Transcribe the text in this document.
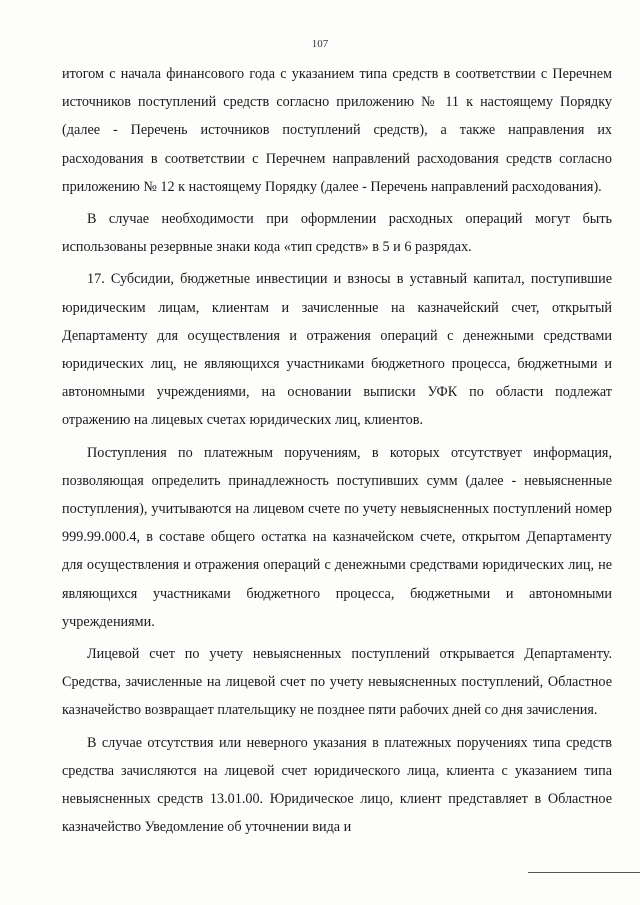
107

итогом с начала финансового года с указанием типа средств в соответствии с Перечнем источников поступлений средств согласно приложению № 11 к настоящему Порядку (далее - Перечень источников поступлений средств), а также направления их расходования в соответствии с Перечнем направлений расходования средств согласно приложению № 12 к настоящему Порядку (далее - Перечень направлений расходования).

В случае необходимости при оформлении расходных операций могут быть использованы резервные знаки кода «тип средств» в 5 и 6 разрядах.

17. Субсидии, бюджетные инвестиции и взносы в уставный капитал, поступившие юридическим лицам, клиентам и зачисленные на казначейский счет, открытый Департаменту для осуществления и отражения операций с денежными средствами юридических лиц, не являющихся участниками бюджетного процесса, бюджетными и автономными учреждениями, на основании выписки УФК по области подлежат отражению на лицевых счетах юридических лиц, клиентов.

Поступления по платежным поручениям, в которых отсутствует информация, позволяющая определить принадлежность поступивших сумм (далее - невыясненные поступления), учитываются на лицевом счете по учету невыясненных поступлений номер 999.99.000.4, в составе общего остатка на казначейском счете, открытом Департаменту для осуществления и отражения операций с денежными средствами юридических лиц, не являющихся участниками бюджетного процесса, бюджетными и автономными учреждениями.

Лицевой счет по учету невыясненных поступлений открывается Департаменту. Средства, зачисленные на лицевой счет по учету невыясненных поступлений, Областное казначейство возвращает плательщику не позднее пяти рабочих дней со дня зачисления.

В случае отсутствия или неверного указания в платежных поручениях типа средств средства зачисляются на лицевой счет юридического лица, клиента с указанием типа невыясненных средств 13.01.00. Юридическое лицо, клиент представляет в Областное казначейство Уведомление об уточнении вида и
